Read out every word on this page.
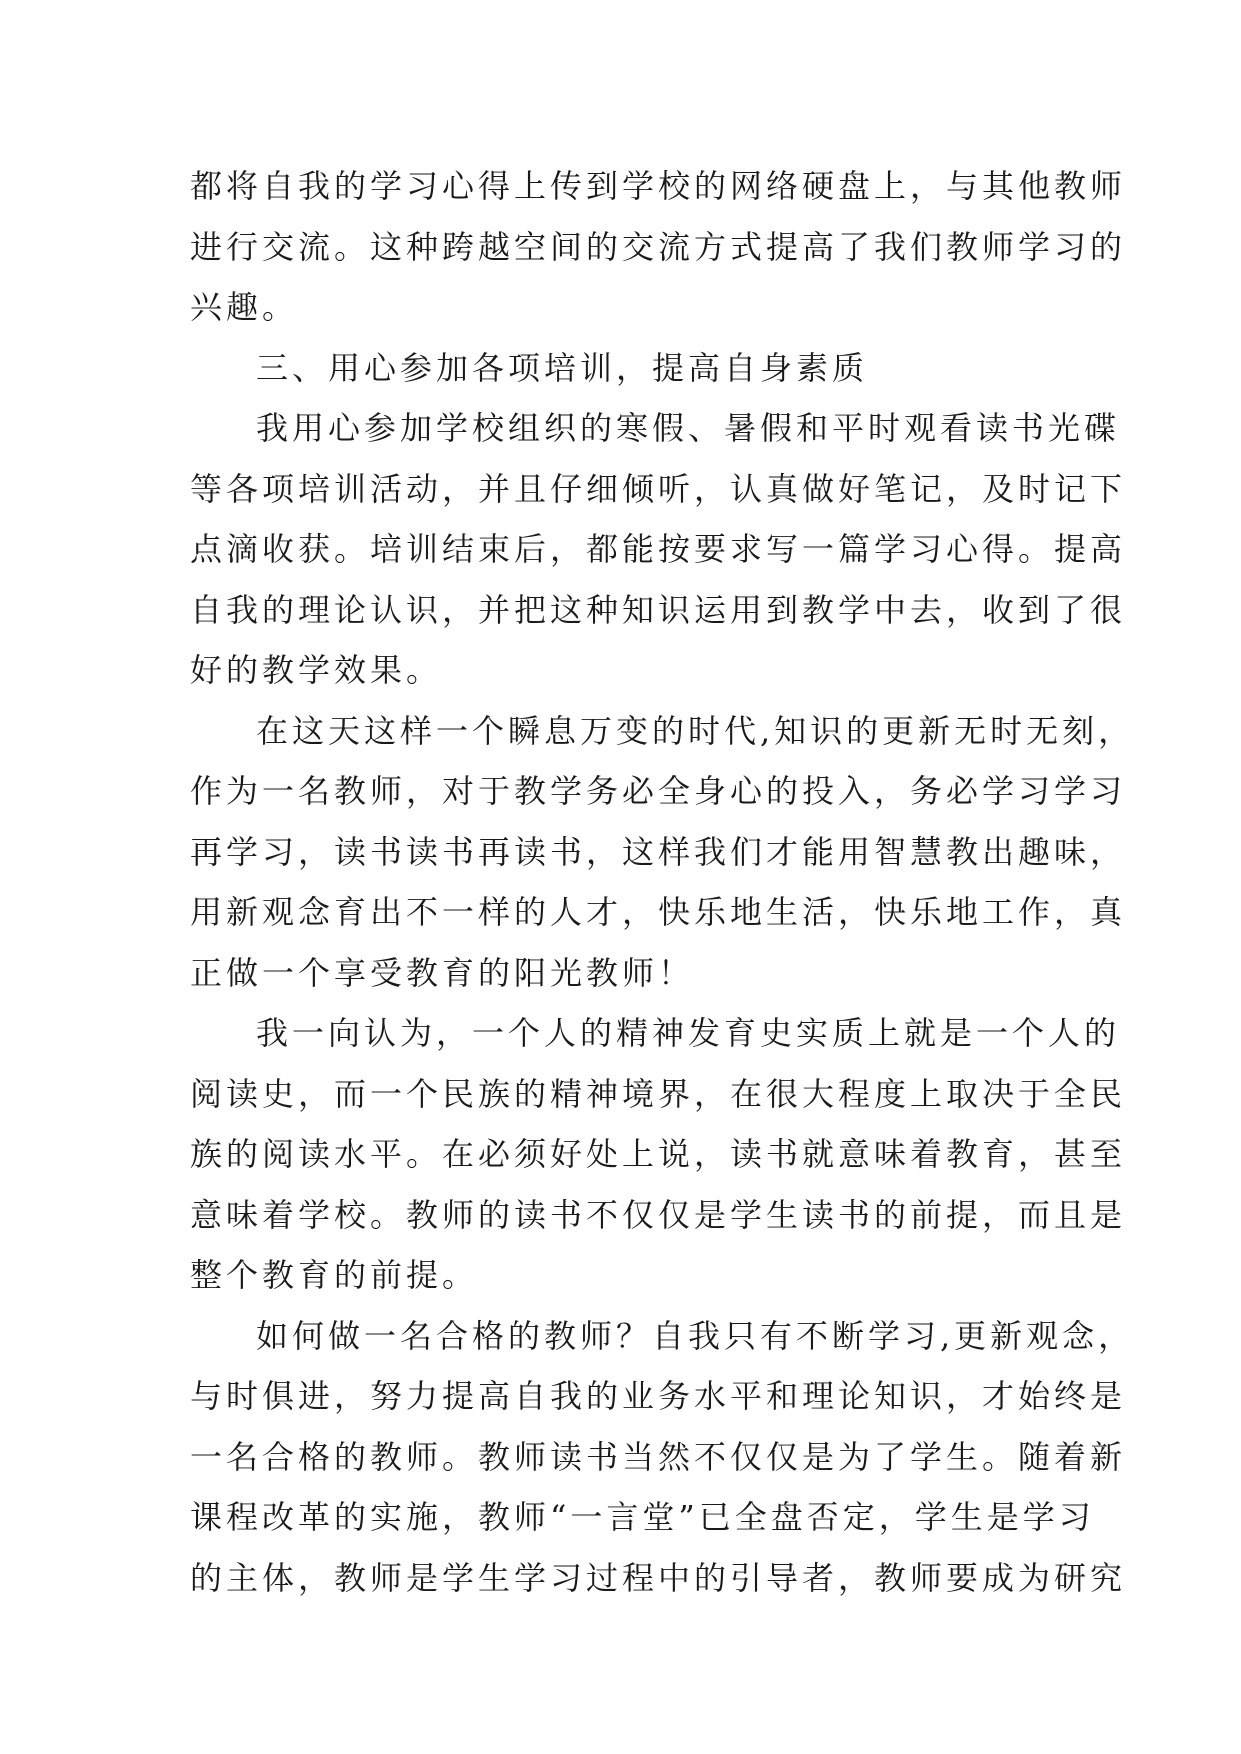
都将自我的学习心得上传到学校的网络硬盘上，与其他教师
进行交流。这种跨越空间的交流方式提高了我们教师学习的
兴趣。
三、用心参加各项培训，提高自身素质
我用心参加学校组织的寒假、暑假和平时观看读书光碟
等各项培训活动，并且仔细倾听，认真做好笔记，及时记下
点滴收获。培训结束后，都能按要求写一篇学习心得。提高
自我的理论认识，并把这种知识运用到教学中去，收到了很
好的教学效果。
在这天这样一个瞬息万变的时代,知识的更新无时无刻，
作为一名教师，对于教学务必全身心的投入，务必学习学习
再学习，读书读书再读书，这样我们才能用智慧教出趣味，
用新观念育出不一样的人才，快乐地生活，快乐地工作，真
正做一个享受教育的阳光教师！
我一向认为，一个人的精神发育史实质上就是一个人的
阅读史，而一个民族的精神境界，在很大程度上取决于全民
族的阅读水平。在必须好处上说，读书就意味着教育，甚至
意味着学校。教师的读书不仅仅是学生读书的前提，而且是
整个教育的前提。
如何做一名合格的教师？自我只有不断学习,更新观念，
与时俱进，努力提高自我的业务水平和理论知识，才始终是
一名合格的教师。教师读书当然不仅仅是为了学生。随着新
课程改革的实施，教师“一言堂”已全盘否定，学生是学习
的主体，教师是学生学习过程中的引导者，教师要成为研究
